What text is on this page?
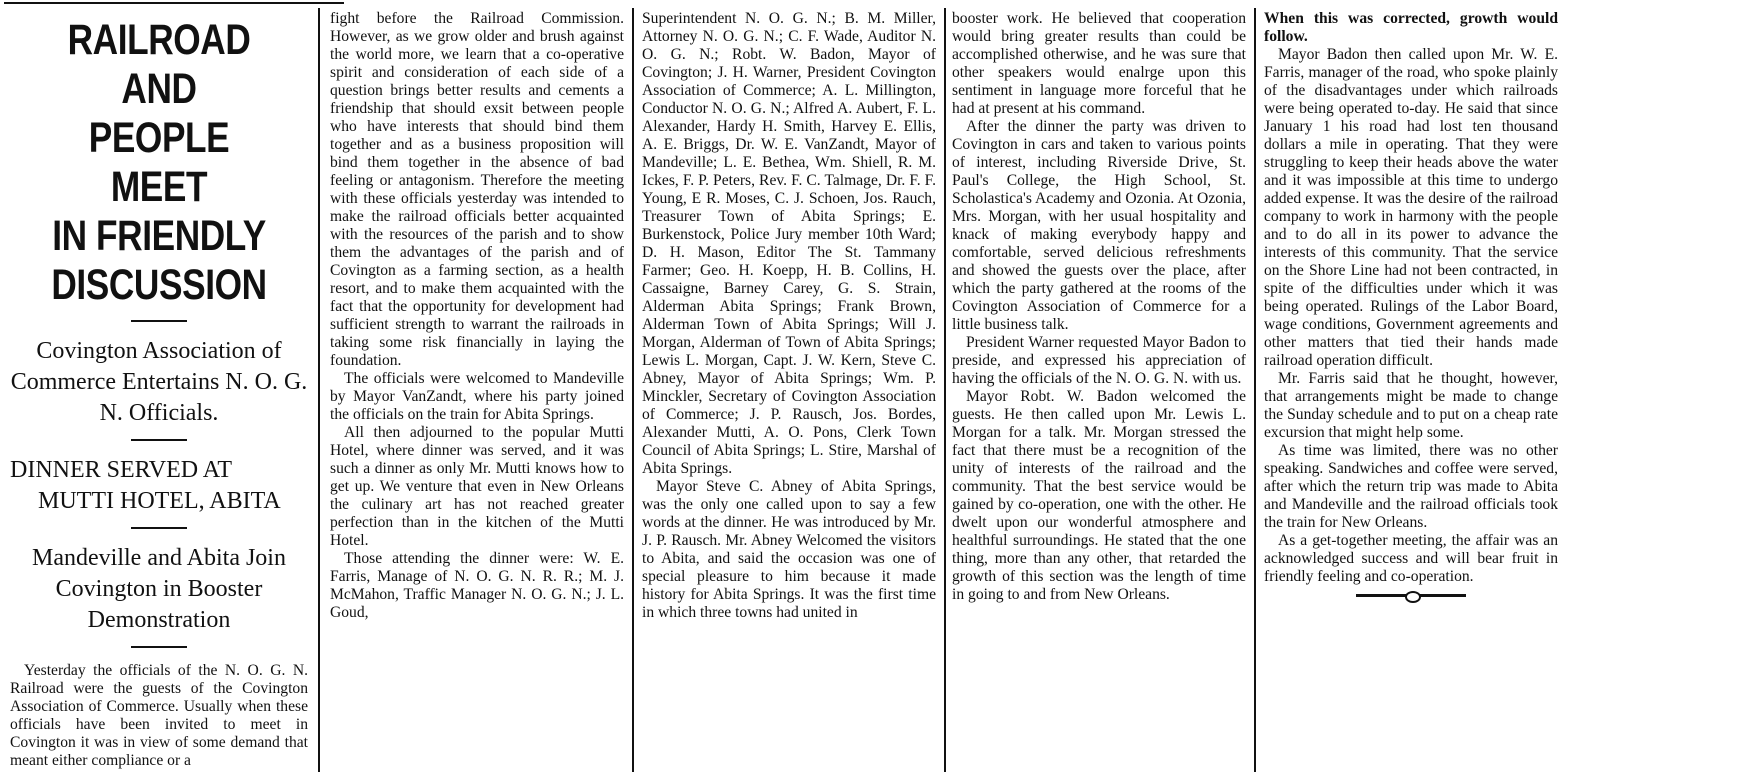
RAILROAD AND
PEOPLE MEET
IN FRIENDLY
DISCUSSION

Covington Association of Commerce Entertains N. O. G. N. Officials.

DINNER SERVED AT
MUTTI HOTEL, ABITA

Mandeville and Abita Join Covington in Booster Demonstration

Yesterday the officials of the N. O. G. N. Railroad were the guests of the Covington Association of Commerce. Usually when these officials have been invited to meet in Covington it was in view of some demand that meant either compliance or a

fight before the Railroad Commission. However, as we grow older and brush against the world more, we learn that a co-operative spirit and consideration of each side of a question brings better results and cements a friendship that should exsit between people who have interests that should bind them together and as a business proposition will bind them together in the absence of bad feeling or antagonism. Therefore the meeting with these officials yesterday was intended to make the railroad officials better acquainted with the resources of the parish and to show them the advantages of the parish and of Covington as a farming section, as a health resort, and to make them acquainted with the fact that the opportunity for development had sufficient strength to warrant the railroads in taking some risk financially in laying the foundation.

The officials were welcomed to Mandeville by Mayor VanZandt, where his party joined the officials on the train for Abita Springs.

All then adjourned to the popular Mutti Hotel, where dinner was served, and it was such a dinner as only Mr. Mutti knows how to get up. We venture that even in New Orleans the culinary art has not reached greater perfection than in the kitchen of the Mutti Hotel.

Those attending the dinner were: W. E. Farris, Manage of N. O. G. N. R. R.; M. J. McMahon, Traffic Manager N. O. G. N.; J. L. Goud,

Superintendent N. O. G. N.; B. M. Miller, Attorney N. O. G. N.; C. F. Wade, Auditor N. O. G. N.; Robt. W. Badon, Mayor of Covington; J. H. Warner, President Covington Association of Commerce; A. L. Millington, Conductor N. O. G. N.; Alfred A. Aubert, F. L. Alexander, Hardy H. Smith, Harvey E. Ellis, A. E. Briggs, Dr. W. E. VanZandt, Mayor of Mandeville; L. E. Bethea, Wm. Shiell, R. M. Ickes, F. P. Peters, Rev. F. C. Talmage, Dr. F. F. Young, E R. Moses, C. J. Schoen, Jos. Rauch, Treasurer Town of Abita Springs; E. Burkenstock, Police Jury member 10th Ward; D. H. Mason, Editor The St. Tammany Farmer; Geo. H. Koepp, H. B. Collins, H. Cassaigne, Barney Carey, G. S. Strain, Alderman Abita Springs; Frank Brown, Alderman Town of Abita Springs; Will J. Morgan, Alderman of Town of Abita Springs; Lewis L. Morgan, Capt. J. W. Kern, Steve C. Abney, Mayor of Abita Springs; Wm. P. Minckler, Secretary of Covington Association of Commerce; J. P. Rausch, Jos. Bordes, Alexander Mutti, A. O. Pons, Clerk Town Council of Abita Springs; L. Stire, Marshal of Abita Springs.

Mayor Steve C. Abney of Abita Springs, was the only one called upon to say a few words at the dinner. He was introduced by Mr. J. P. Rausch. Mr. Abney Welcomed the visitors to Abita, and said the occasion was one of special pleasure to him because it made history for Abita Springs. It was the first time in which three towns had united in

booster work. He believed that cooperation would bring greater results than could be accomplished otherwise, and he was sure that other speakers would enalrge upon this sentiment in language more forceful that he had at present at his command.

After the dinner the party was driven to Covington in cars and taken to various points of interest, including Riverside Drive, St. Paul's College, the High School, St. Scholastica's Academy and Ozonia. At Ozonia, Mrs. Morgan, with her usual hospitality and knack of making everybody happy and comfortable, served delicious refreshments and showed the guests over the place, after which the party gathered at the rooms of the Covington Association of Commerce for a little business talk.

President Warner requested Mayor Badon to preside, and expressed his appreciation of having the officials of the N. O. G. N. with us.

Mayor Robt. W. Badon welcomed the guests. He then called upon Mr. Lewis L. Morgan for a talk. Mr. Morgan stressed the fact that there must be a recognition of the unity of interests of the railroad and the community. That the best service would be gained by co-operation, one with the other. He dwelt upon our wonderful atmosphere and healthful surroundings. He stated that the one thing, more than any other, that retarded the growth of this section was the length of time in going to and from New Orleans.

When this was corrected, growth would follow.

Mayor Badon then called upon Mr. W. E. Farris, manager of the road, who spoke plainly of the disadvantages under which railroads were being operated to-day. He said that since January 1 his road had lost ten thousand dollars a mile in operating. That they were struggling to keep their heads above the water and it was impossible at this time to undergo added expense. It was the desire of the railroad company to work in harmony with the people and to do all in its power to advance the interests of this community. That the service on the Shore Line had not been contracted, in spite of the difficulties under which it was being operated. Rulings of the Labor Board, wage conditions, Government agreements and other matters that tied their hands made railroad operation difficult.

Mr. Farris said that he thought, however, that arrangements might be made to change the Sunday schedule and to put on a cheap rate excursion that might help some.

As time was limited, there was no other speaking. Sandwiches and coffee were served, after which the return trip was made to Abita and Mandeville and the railroad officials took the train for New Orleans.

As a get-together meeting, the affair was an acknowledged success and will bear fruit in friendly feeling and co-operation.
